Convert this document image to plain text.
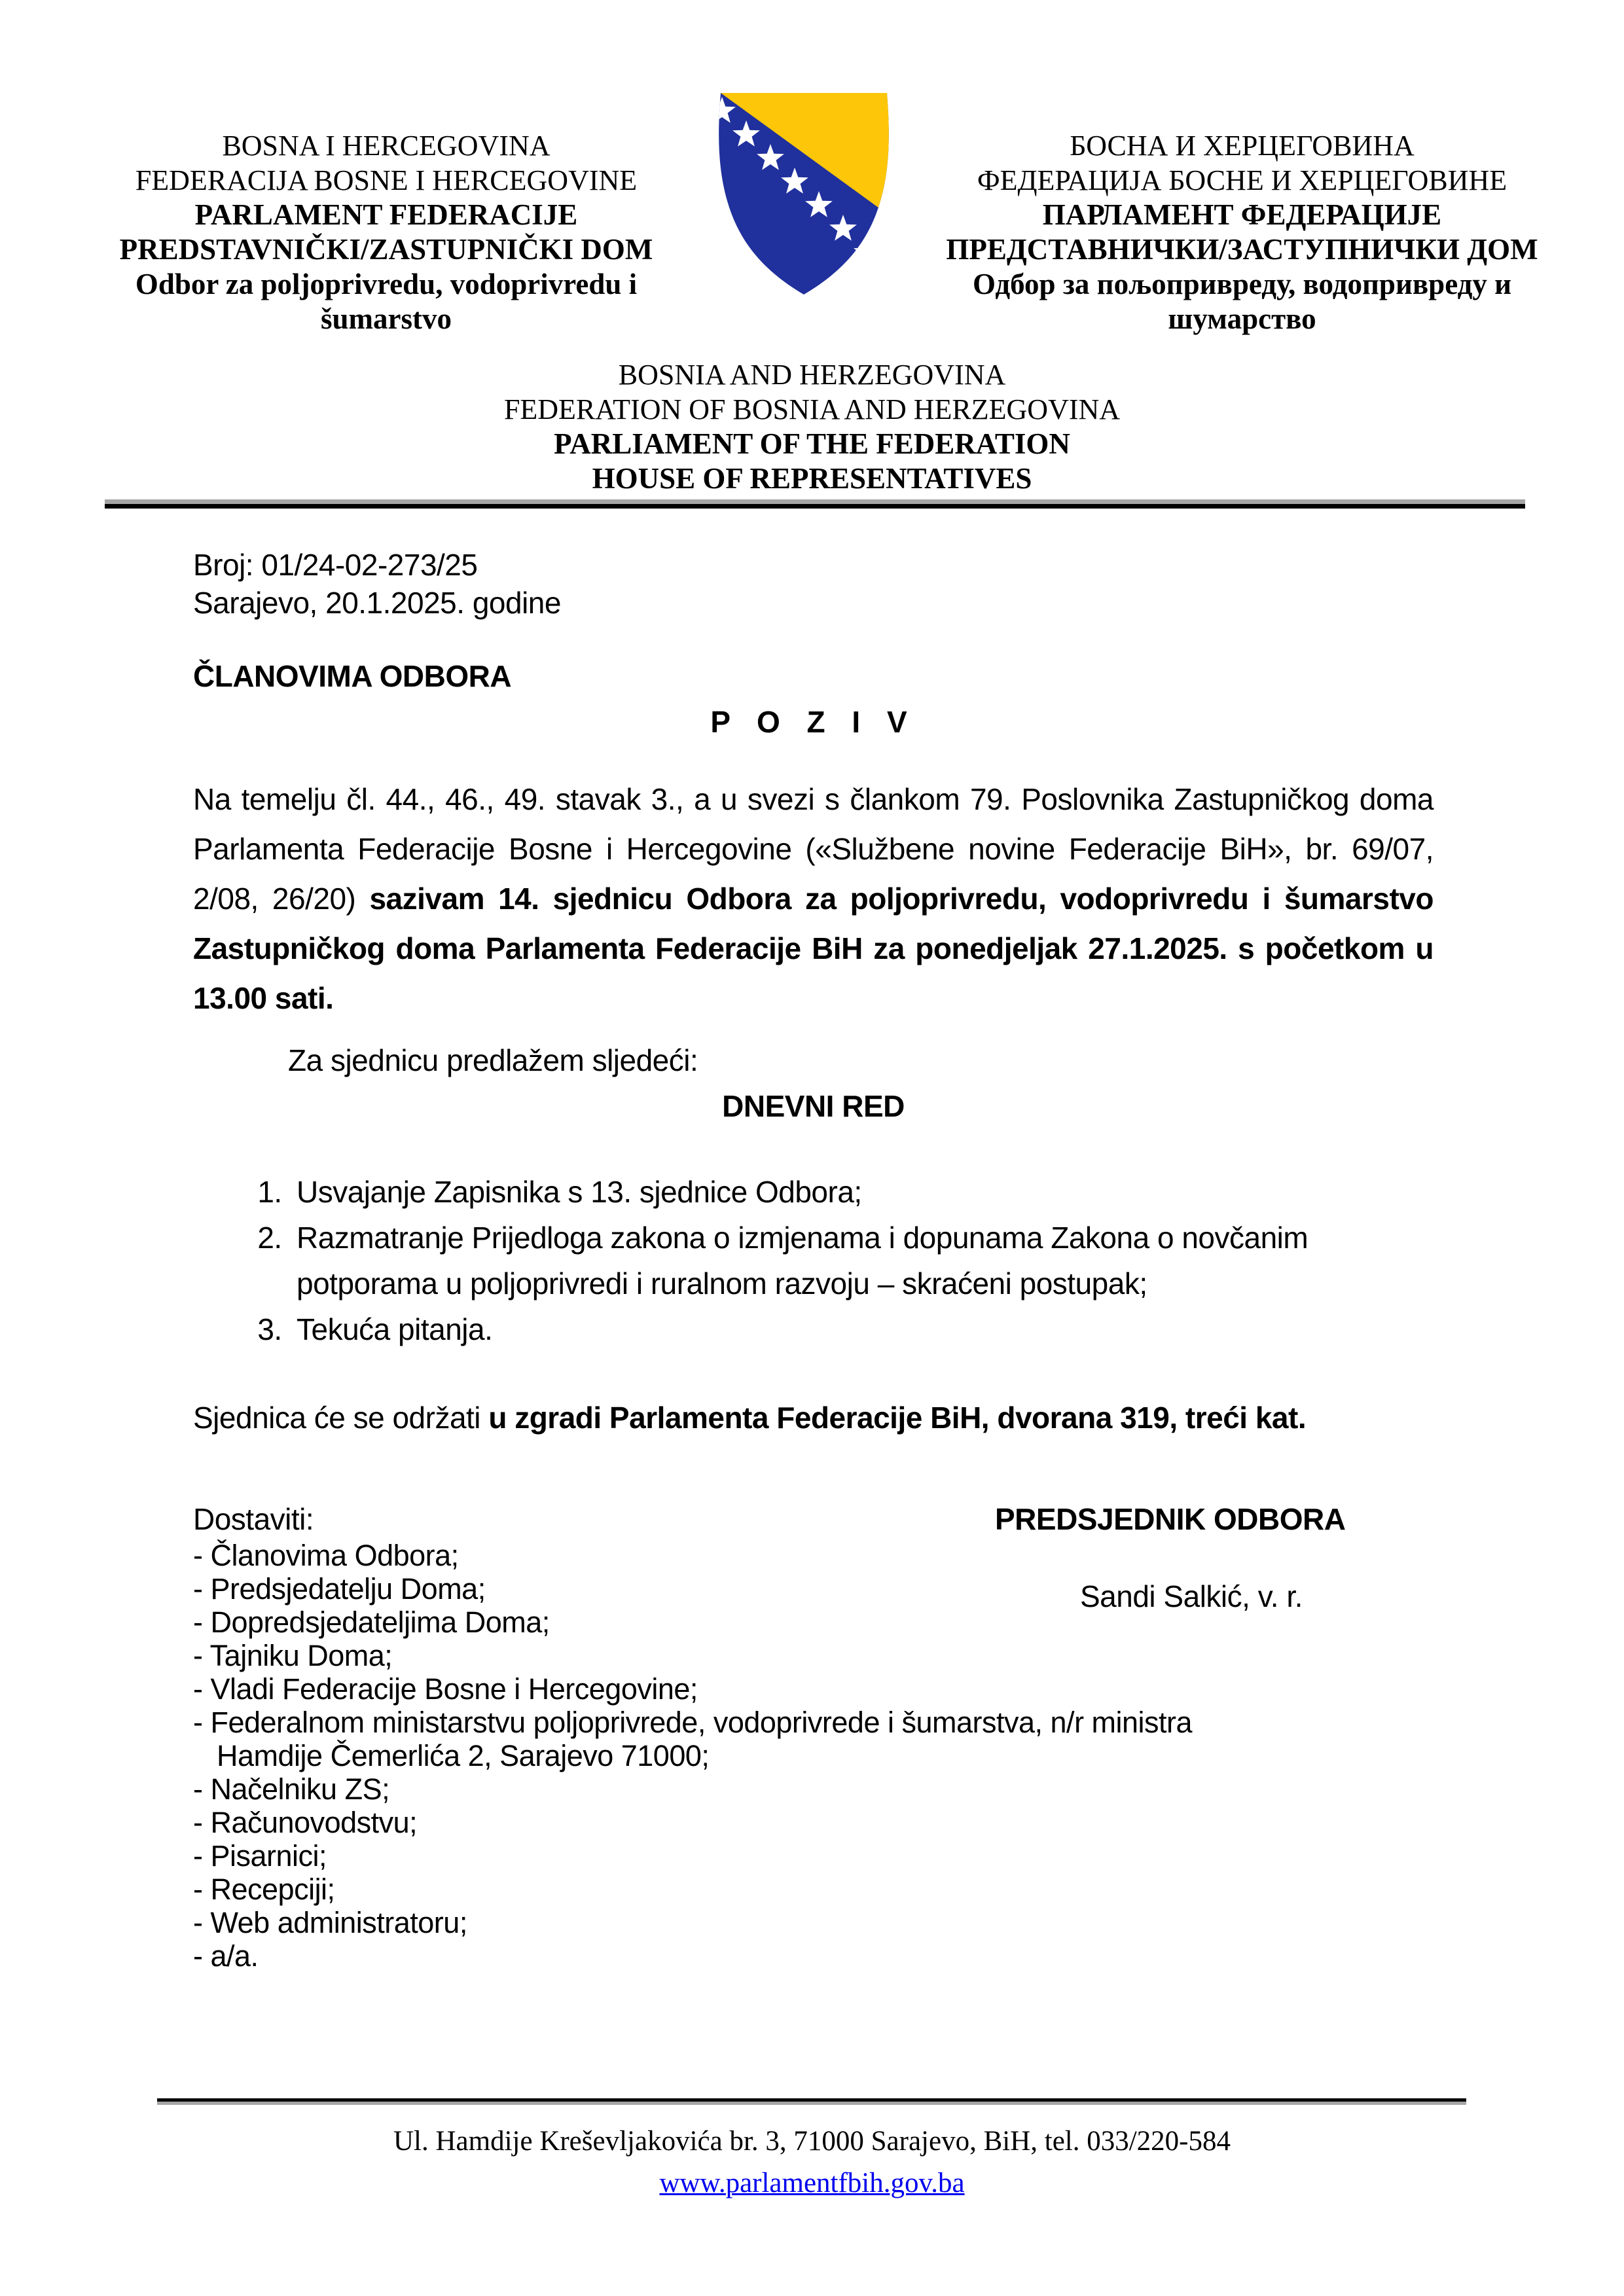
BOSNA I HERCEGOVINA
FEDERACIJA BOSNE I HERCEGOVINE
PARLAMENT FEDERACIJE
PREDSTAVNIČKI/ZASTUPNIČKI DOM
Odbor za poljoprivredu, vodoprivredu i
šumarstvo
БОСНА И ХЕРЦЕГОВИНА
ФЕДЕРАЦИЈА БОСНЕ И ХЕРЦЕГОВИНЕ
ПАРЛАМЕНТ ФЕДЕРАЦИЈЕ
ПРЕДСТАВНИЧКИ/ЗАСТУПНИЧКИ ДОМ
Одбор за пољопривреду, водопривреду и
шумарство
BOSNIA AND HERZEGOVINA
FEDERATION OF BOSNIA AND HERZEGOVINA
PARLIAMENT OF THE FEDERATION
HOUSE OF REPRESENTATIVES
Broj: 01/24-02-273/25
Sarajevo, 20.1.2025. godine
ČLANOVIMA ODBORA
P O Z I V
Na temelju čl. 44., 46., 49. stavak 3., a u svezi s člankom 79. Poslovnika Zastupničkog doma Parlamenta Federacije Bosne i Hercegovine («Službene novine Federacije BiH», br. 69/07, 2/08, 26/20) sazivam 14. sjednicu Odbora za poljoprivredu, vodoprivredu i šumarstvo Zastupničkog doma Parlamenta Federacije BiH za ponedjeljak 27.1.2025. s početkom u 13.00 sati.
Za sjednicu predlažem sljedeći:
DNEVNI RED
1. Usvajanje Zapisnika s 13. sjednice Odbora;
2. Razmatranje Prijedloga zakona o izmjenama i dopunama Zakona o novčanim potporama u poljoprivredi i ruralnom razvoju – skraćeni postupak;
3. Tekuća pitanja.
Sjednica će se održati u zgradi Parlamenta Federacije BiH, dvorana 319, treći kat.
Dostaviti:	PREDSJEDNIK ODBORA
Sandi Salkić, v. r.
- Članovima Odbora;
- Predsjedatelju Doma;
- Dopredsjedateljima Doma;
- Tajniku Doma;
- Vladi Federacije Bosne i Hercegovine;
- Federalnom ministarstvu poljoprivrede, vodoprivrede i šumarstva, n/r ministra
Hamdije Čemerlića 2, Sarajevo 71000;
- Načelniku ZS;
- Računovodstvu;
- Pisarnici;
- Recepciji;
- Web administratoru;
- a/a.
Ul. Hamdije Kreševljakovića br. 3, 71000 Sarajevo, BiH, tel. 033/220-584
www.parlamentfbih.gov.ba
